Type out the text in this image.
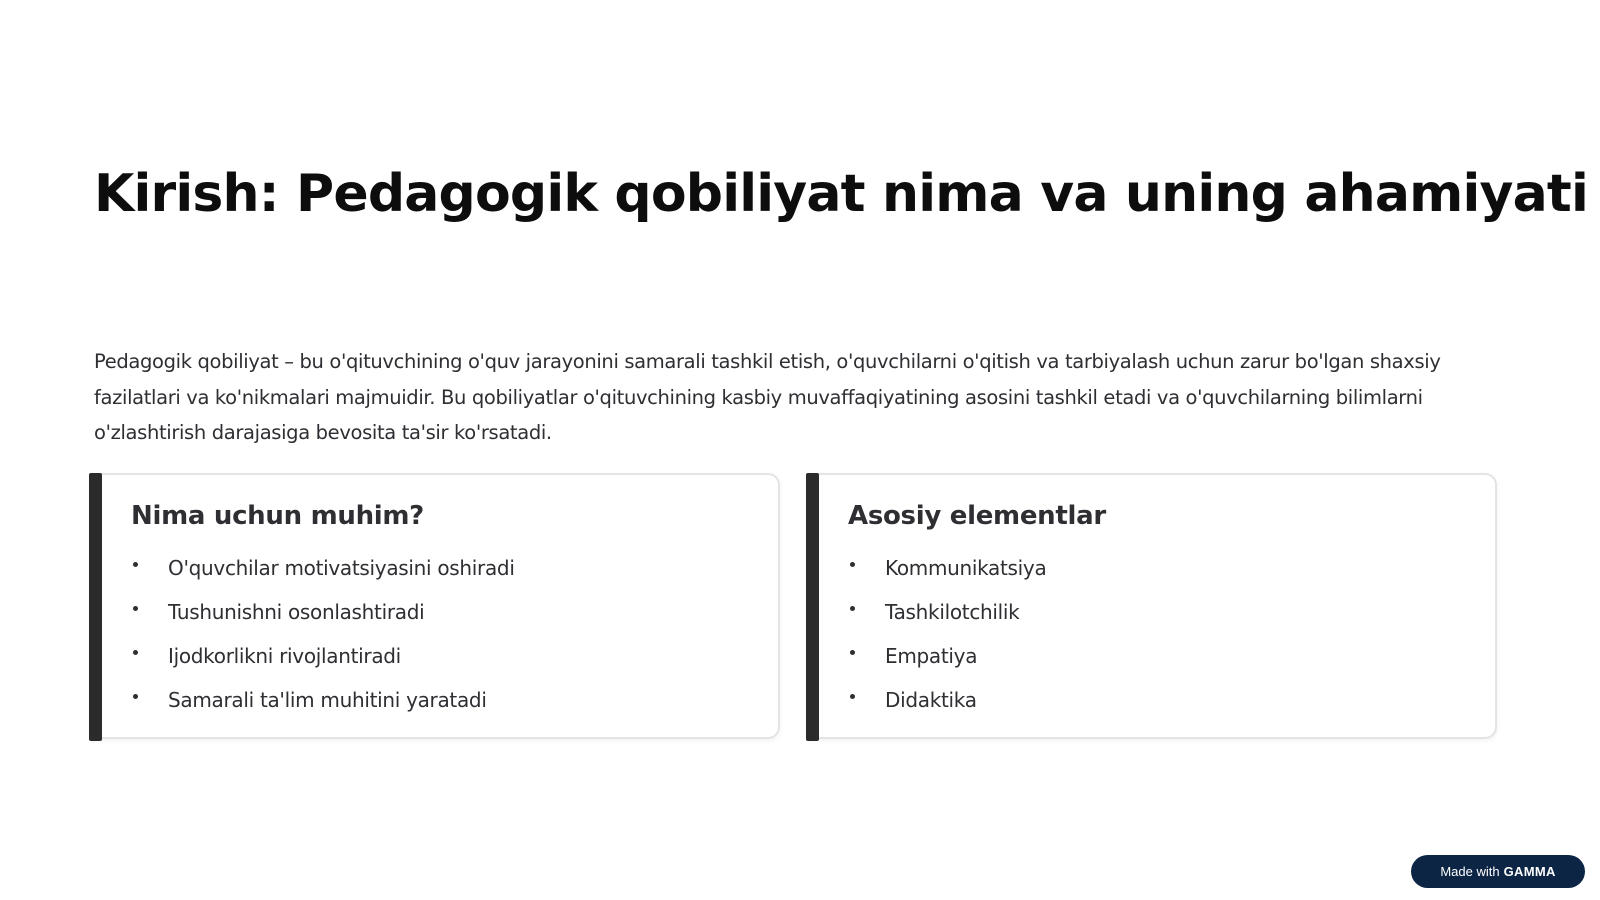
Kirish: Pedagogik qobiliyat nima va uning ahamiyati

Pedagogik qobiliyat – bu o'qituvchining o'quv jarayonini samarali tashkil etish, o'quvchilarni o'qitish va tarbiyalash uchun zarur bo'lgan shaxsiy fazilatlari va ko'nikmalari majmuidir. Bu qobiliyatlar o'qituvchining kasbiy muvaffaqiyatining asosini tashkil etadi va o'quvchilarning bilimlarni o'zlashtirish darajasiga bevosita ta'sir ko'rsatadi.

Nima uchun muhim?
O'quvchilar motivatsiyasini oshiradi
Tushunishni osonlashtiradi
Ijodkorlikni rivojlantiradi
Samarali ta'lim muhitini yaratadi
Asosiy elementlar
Kommunikatsiya
Tashkilotchilik
Empatiya
Didaktika
Made with GAMMA
